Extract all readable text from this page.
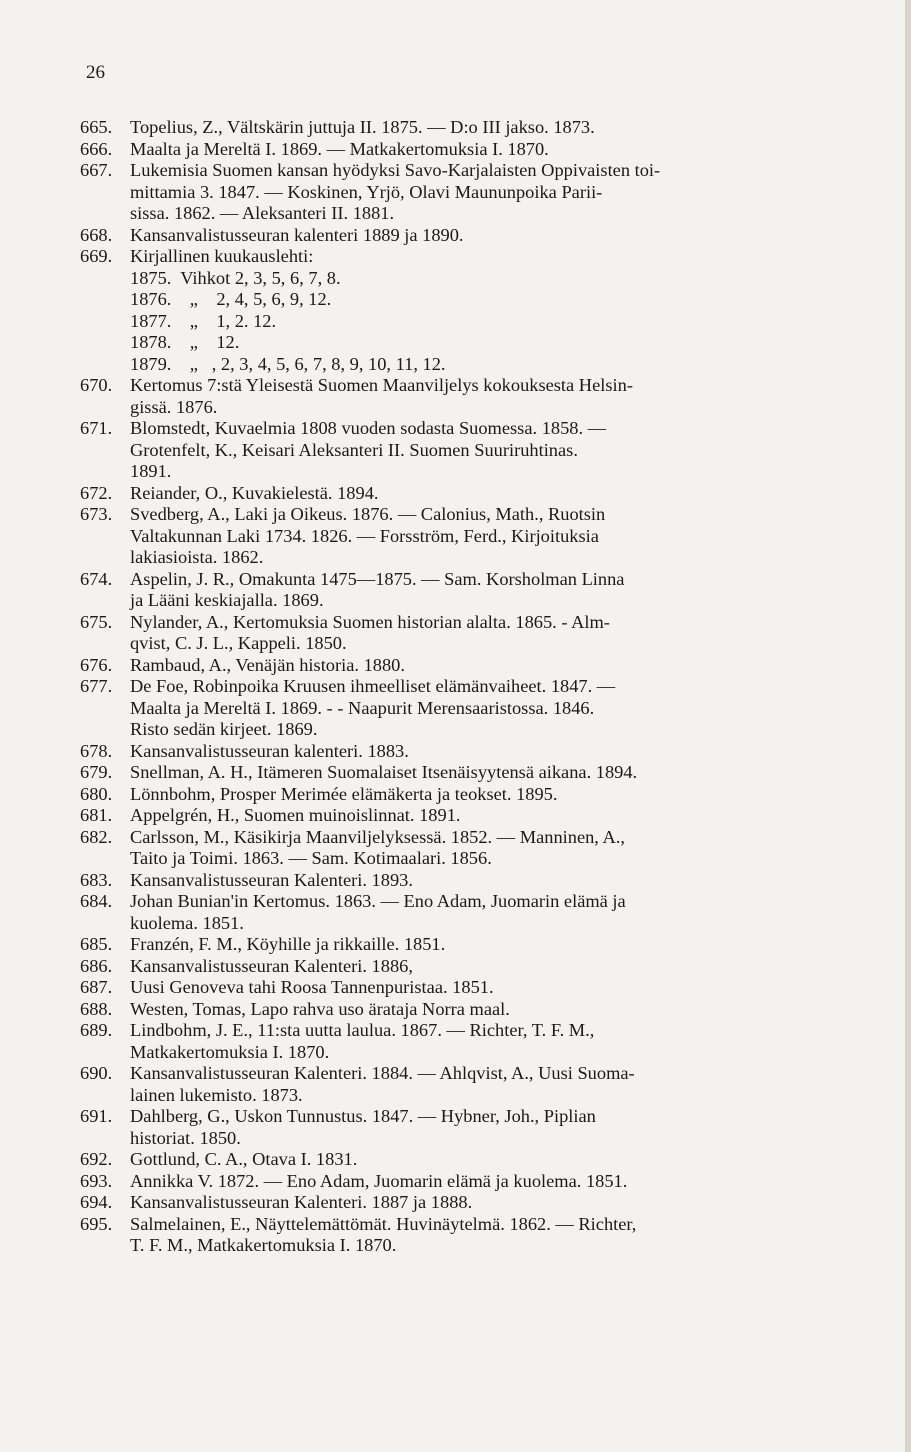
26
665. Topelius, Z., Vältskärin juttuja II. 1875. — D:o III jakso. 1873.
666. Maalta ja Mereltä I. 1869. — Matkakertomuksia I. 1870.
667. Lukemisia Suomen kansan hyödyksi Savo-Karjalaisten Oppivaisten toi-
mittamia 3. 1847. — Koskinen, Yrjö, Olavi Maununpoika Parii-
sissa. 1862. — Aleksanteri II. 1881.
668. Kansanvalistusseuran kalenteri 1889 ja 1890.
669. Kirjallinen kuukauslehti:
1875.  Vihkot 2, 3, 5, 6, 7, 8.
1876.    „    2, 4, 5, 6, 9, 12.
1877.    „    1, 2. 12.
1878.    „    12.
1879.    „   , 2, 3, 4, 5, 6, 7, 8, 9, 10, 11, 12.
670. Kertomus 7:stä Yleisestä Suomen Maanviljelys kokouksesta Helsin-
gissä. 1876.
671. Blomstedt, Kuvaelmia 1808 vuoden sodasta Suomessa. 1858. —
Grotenfelt, K., Keisari Aleksanteri II. Suomen Suuriruhtinas.
1891.
672. Reiander, O., Kuvakielestä. 1894.
673. Svedberg, A., Laki ja Oikeus. 1876. — Calonius, Math., Ruotsin
Valtakunnan Laki 1734. 1826. — Forsström, Ferd., Kirjoituksia
lakiasioista. 1862.
674. Aspelin, J. R., Omakunta 1475—1875. — Sam. Korsholman Linna
ja Lääni keskiajalla. 1869.
675. Nylander, A., Kertomuksia Suomen historian alalta. 1865. - Alm-
qvist, C. J. L., Kappeli. 1850.
676. Rambaud, A., Venäjän historia. 1880.
677. De Foe, Robinpoika Kruusen ihmeelliset elämänvaiheet. 1847. —
Maalta ja Mereltä I. 1869. - - Naapurit Merensaaristossa. 1846.
Risto sedän kirjeet. 1869.
678. Kansanvalistusseuran kalenteri. 1883.
679. Snellman, A. H., Itämeren Suomalaiset Itsenäisyytensä aikana. 1894.
680. Lönnbohm, Prosper Merimée elämäkerta ja teokset. 1895.
681. Appelgrén, H., Suomen muinoislinnat. 1891.
682. Carlsson, M., Käsikirja Maanviljelyksessä. 1852. — Manninen, A.,
Taito ja Toimi. 1863. — Sam. Kotimaalari. 1856.
683. Kansanvalistusseuran Kalenteri. 1893.
684. Johan Bunian'in Kertomus. 1863. — Eno Adam, Juomarin elämä ja
kuolema. 1851.
685. Franzén, F. M., Köyhille ja rikkaille. 1851.
686. Kansanvalistusseuran Kalenteri. 1886,
687. Uusi Genoveva tahi Roosa Tannenpuristaa. 1851.
688. Westen, Tomas, Lapo rahva uso ärataja Norra maal.
689. Lindbohm, J. E., 11:sta uutta laulua. 1867. — Richter, T. F. M.,
Matkakertomuksia I. 1870.
690. Kansanvalistusseuran Kalenteri. 1884. — Ahlqvist, A., Uusi Suoma-
lainen lukemisto. 1873.
691. Dahlberg, G., Uskon Tunnustus. 1847. — Hybner, Joh., Piplian
historiat. 1850.
692. Gottlund, C. A., Otava I. 1831.
693. Annikka V. 1872. — Eno Adam, Juomarin elämä ja kuolema. 1851.
694. Kansanvalistusseuran Kalenteri. 1887 ja 1888.
695. Salmelainen, E., Näyttelemättömät. Huvinäytelmä. 1862. — Richter,
T. F. M., Matkakertomuksia I. 1870.
